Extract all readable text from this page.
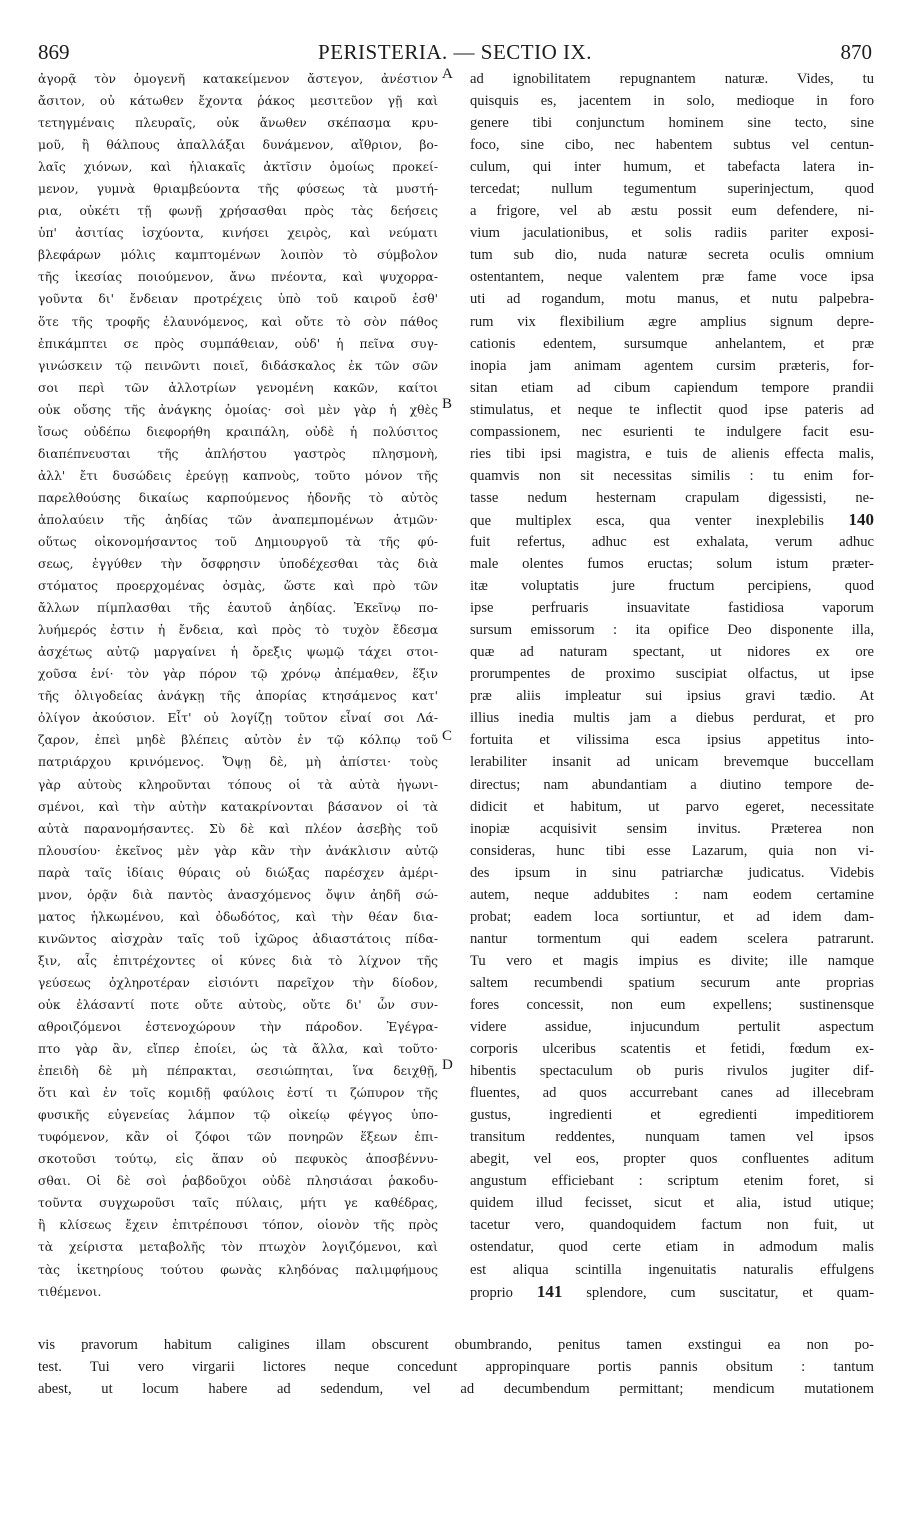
869	PERISTERIA. — SECTIO IX.	870
ἀγορᾷ τὸν ὁμογενῆ κατακείμενον ἄστεγον, ἀνέστιον
ἄσιτον, οὐ κάτωθεν ἔχοντα ῥάκος μεσιτεῦον γῇ καὶ
τετηγμέναις πλευραῖς, οὐκ ἄνωθεν σκέπασμα κρυ-
μοῦ, ἢ θάλπους ἀπαλλάξαι δυνάμενον, αἴθριον, βο-
λαῖς χιόνων, καὶ ἡλιακαῖς ἀκτῖσιν ὁμοίως προκεί-
μενον, γυμνὰ θριαμβεύοντα τῆς φύσεως τὰ μυστή-
ρια, οὐκέτι τῇ φωνῇ χρήσασθαι πρὸς τὰς δεήσεις
ὑπ' ἀσιτίας ἰσχύοντα, κινήσει χειρὸς, καὶ νεύματι
βλεφάρων μόλις καμπτομένων λοιπὸν τὸ σύμβολον
τῆς ἱκεσίας ποιούμενον, ἄνω πνέοντα, καὶ ψυχορρα-
γοῦντα δι' ἔνδειαν προτρέχεις ὑπὸ τοῦ καιροῦ ἐσθ'
ὅτε τῆς τροφῆς ἐλαυνόμενος, καὶ οὔτε τὸ σὸν πάθος
ἐπικάμπτει σε πρὸς συμπάθειαν, οὐδ' ἡ πεῖνα συγ-
γινώσκειν τῷ πεινῶντι ποιεῖ, διδάσκαλος ἐκ τῶν σῶν
σοι περὶ τῶν ἀλλοτρίων γενομένη κακῶν, καίτοι
οὐκ οὔσης τῆς ἀνάγκης ὁμοίας· σοὶ μὲν γὰρ ἡ χθὲς
ἴσως οὐδέπω διεφορήθη κραιπάλη, οὐδὲ ἡ πολύσιτος
διαπέπνευσται τῆς ἀπλήστου γαστρὸς πλησμονὴ,
ἀλλ' ἔτι δυσώδεις ἐρεύγῃ καπνοὺς, τοῦτο μόνον τῆς
παρελθούσης δικαίως καρπούμενος ἡδονῆς τὸ αὐτὸς
ἀπολαύειν τῆς ἀηδίας τῶν ἀναπεμπομένων ἀτμῶν·
οὕτως οἰκονομήσαντος τοῦ Δημιουργοῦ τὰ τῆς φύ-
σεως, ἐγγύθεν τὴν ὄσφρησιν ὑποδέχεσθαι τὰς διὰ
στόματος προερχομένας ὀσμὰς, ὥστε καὶ πρὸ τῶν
ἄλλων πίμπλασθαι τῆς ἑαυτοῦ ἀηδίας. Ἐκεῖνῳ πο-
λυήμερός ἐστιν ἡ ἔνδεια, καὶ πρὸς τὸ τυχὸν ἔδεσμα
ἀσχέτως αὐτῷ μαργαίνει ἡ ὄρεξις ψωμῷ τάχει στοι-
χοῦσα ἑνί· τὸν γὰρ πόρον τῷ χρόνῳ ἀπέμαθεν, ἕξιν
τῆς ὀλιγοδείας ἀνάγκῃ τῆς ἀπορίας κτησάμενος κατ'
ὀλίγον ἀκούσιον. Εἶτ' οὐ λογίζῃ τοῦτον εἶναί σοι Λά-
ζαρον, ἐπεὶ μηδὲ βλέπεις αὐτὸν ἐν τῷ κόλπῳ τοῦ
πατριάρχου κρινόμενος. Ὄψῃ δὲ, μὴ ἀπίστει· τοὺς
γὰρ αὐτοὺς κληροῦνται τόπους οἱ τὰ αὐτὰ ἠγωνι-
σμένοι, καὶ τὴν αὐτὴν κατακρίνονται βάσανον οἱ τὰ
αὐτὰ παρανομήσαντες. Σὺ δὲ καὶ πλέον ἀσεβὴς τοῦ
πλουσίου· ἐκεῖνος μὲν γὰρ κἂν τὴν ἀνάκλισιν αὐτῷ
παρὰ ταῖς ἰδίαις θύραις οὐ διώξας παρέσχεν ἀμέρι-
μνον, ὁρᾷν διὰ παντὸς ἀνασχόμενος ὄψιν ἀηδῆ σώ-
ματος ἡλκωμένου, καὶ ὀδωδότος, καὶ τὴν θέαν δια-
κινῶντος αἰσχρὰν ταῖς τοῦ ἰχῶρος ἀδιαστάτοις πίδα-
ξιν, αἷς ἐπιτρέχοντες οἱ κύνες διὰ τὸ λίχνον τῆς
γεύσεως ὀχληροτέραν εἰσιόντι παρεῖχον τὴν δίοδον,
οὐκ ἐλάσαντί ποτε οὔτε αὐτοὺς, οὔτε δι' ὧν συν-
αθροιζόμενοι ἐστενοχώρουν τὴν πάροδον. Ἐγέγρα-
πτο γὰρ ἂν, εἴπερ ἐποίει, ὡς τὰ ἄλλα, καὶ τοῦτο·
ἐπειδὴ δὲ μὴ πέπρακται, σεσιώπηται, ἵνα δειχθῇ,
ὅτι καὶ ἐν τοῖς κομιδῇ φαύλοις ἐστί τι ζώπυρον τῆς
φυσικῆς εὐγενείας λάμπον τῷ οἰκείῳ φέγγος ὑπο-
τυφόμενον, κἂν οἱ ζόφοι τῶν πονηρῶν ἕξεων ἐπι-
σκοτοῦσι τούτῳ, εἰς ἅπαν οὐ πεφυκὸς ἀποσβέννυ-
σθαι. Οἱ δὲ σοὶ ῥαβδοῦχοι οὐδὲ πλησιάσαι ῥακοδυ-
τοῦντα συγχωροῦσι ταῖς πύλαις, μήτι γε καθέδρας,
ἢ κλίσεως ἔχειν ἐπιτρέπουσι τόπον, οἱονὸν τῆς πρὸς
τὰ χείριστα μεταβολῆς τὸν πτωχὸν λογιζόμενοι, καὶ
τὰς ἱκετηρίους τούτου φωνὰς κληδόνας παλιμφήμους
τιθέμενοι.
ad ignobilitatem repugnantem naturæ. Vides, tu
quisquis es, jacentem in solo, medioque in foro
genere tibi conjunctum hominem sine tecto, sine
foco, sine cibo, nec habentem subtus vel centun-
culum, qui inter humum, et tabefacta latera in-
tercedat; nullum tegumentum superinjectum, quod
a frigore, vel ab æstu possit eum defendere, ni-
vium jaculationibus, et solis radiis pariter exposi-
tum sub dio, nuda naturæ secreta oculis omnium
ostentantem, neque valentem præ fame voce ipsa
uti ad rogandum, motu manus, et nutu palpebra-
rum vix flexibilium ægre amplius signum depre-
cationis edentem, sursumque anhelantem, et præ
inopia jam animam agentem cursim præteris, for-
sitan etiam ad cibum capiendum tempore prandii
stimulatus, et neque te inflectit quod ipse pateris ad
compassionem, nec esurienti te indulgere facit esu-
ries tibi ipsi magistra, e tuis de alienis effecta malis,
quamvis non sit necessitas similis : tu enim for-
tasse nedum hesternam crapulam digessisti, ne-
que multiplex esca, qua venter inexplebilis 140
fuit refertus, adhuc est exhalata, verum adhuc
male olentes fumos eructas; solum istum præter-
itæ voluptatis jure fructum percipiens, quod
ipse perfruaris insuavitate fastidiosa vaporum
sursum emissorum : ita opifice Deo disponente illa,
quæ ad naturam spectant, ut nidores ex ore
prorumpentes de proximo suscipiat olfactus, ut ipse
præ aliis impleatur sui ipsius gravi tædio. At
illius inedia multis jam a diebus perdurat, et pro
fortuita et vilissima esca ipsius appetitus into-
lerabiliter insanit ad unicam brevemque buccellam
directus; nam abundantiam a diutino tempore de-
didicit et habitum, ut parvo egeret, necessitate
inopiæ acquisivit sensim invitus. Præterea non
consideras, hunc tibi esse Lazarum, quia non vi-
des ipsum in sinu patriarchæ judicatus. Videbis
autem, neque addubites : nam eodem certamine
probat; eadem loca sortiuntur, et ad idem dam-
nantur tormentum qui eadem scelera patrarunt.
Tu vero et magis impius es divite; ille namque
saltem recumbendi spatium securum ante proprias
fores concessit, non eum expellens; sustinensque
videre assidue, injucundum pertulit aspectum
corporis ulceribus scatentis et fetidi, fœdum ex-
hibentis spectaculum ob puris rivulos jugiter dif-
fluentes, ad quos accurrebant canes ad illecebram
gustus, ingredienti et egredienti impeditiorem
transitum reddentes, nunquam tamen vel ipsos
abegit, vel eos, propter quos confluentes aditum
angustum efficiebant : scriptum etenim foret, si
quidem illud fecisset, sicut et alia, istud utique;
tacetur vero, quandoquidem factum non fuit, ut
ostendatur, quod certe etiam in admodum malis
est aliqua scintilla ingenuitatis naturalis effulgens
proprio 141 splendore, cum suscitatur, et quam-
A
B
C
D
vis pravorum habitum caligines illam obscurent obumbrando, penitus tamen exstingui ea non po-
test. Tui vero virgarii lictores neque concedunt appropinquare portis pannis obsitum : tantum
abest, ut locum habere ad sedendum, vel ad decumbendum permittant; mendicum mutationem
